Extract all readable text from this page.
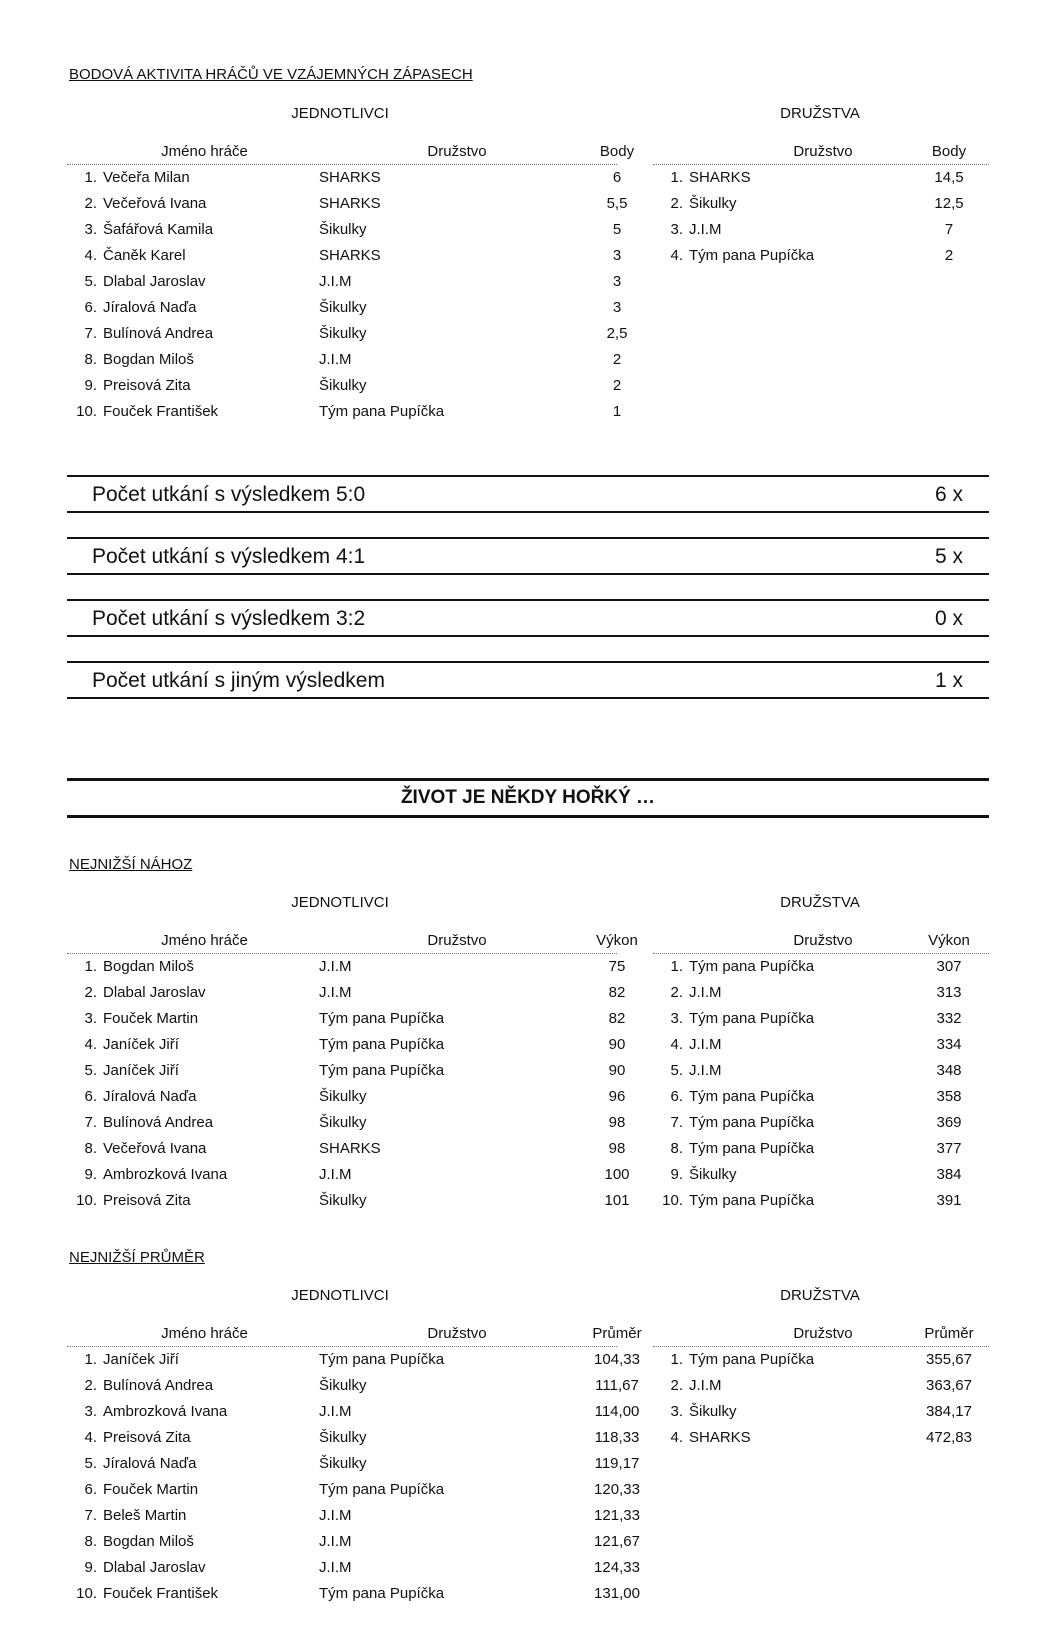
BODOVÁ AKTIVITA HRÁČŮ VE VZÁJEMNÝCH ZÁPASECH
JEDNOTLIVCI
Jméno hráče	Družstvo	Body
1. Večeřa Milan	SHARKS	6
2. Večeřová Ivana	SHARKS	5,5
3. Šafářová Kamila	Šikulky	5
4. Čaněk Karel	SHARKS	3
5. Dlabal Jaroslav	J.I.M	3
6. Jíralová Naďa	Šikulky	3
7. Bulínová Andrea	Šikulky	2,5
8. Bogdan Miloš	J.I.M	2
9. Preisová Zita	Šikulky	2
10. Fouček František	Tým pana Pupíčka	1
DRUŽSTVA
Družstvo	Body
1. SHARKS	14,5
2. Šikulky	12,5
3. J.I.M	7
4. Tým pana Pupíčka	2
Počet utkání s výsledkem 5:0	6 x
Počet utkání s výsledkem 4:1	5 x
Počet utkání s výsledkem 3:2	0 x
Počet utkání s jiným výsledkem	1 x
ŽIVOT JE NĚKDY HOŘKÝ …
NEJNIŽŠÍ NÁHOZ
JEDNOTLIVCI
Jméno hráče	Družstvo	Výkon
1. Bogdan Miloš	J.I.M	75
2. Dlabal Jaroslav	J.I.M	82
3. Fouček Martin	Tým pana Pupíčka	82
4. Janíček Jiří	Tým pana Pupíčka	90
5. Janíček Jiří	Tým pana Pupíčka	90
6. Jíralová Naďa	Šikulky	96
7. Bulínová Andrea	Šikulky	98
8. Večeřová Ivana	SHARKS	98
9. Ambrozková Ivana	J.I.M	100
10. Preisová Zita	Šikulky	101
DRUŽSTVA
Družstvo	Výkon
1. Tým pana Pupíčka	307
2. J.I.M	313
3. Tým pana Pupíčka	332
4. J.I.M	334
5. J.I.M	348
6. Tým pana Pupíčka	358
7. Tým pana Pupíčka	369
8. Tým pana Pupíčka	377
9. Šikulky	384
10. Tým pana Pupíčka	391
NEJNIŽŠÍ PRŮMĚR
JEDNOTLIVCI
Jméno hráče	Družstvo	Průměr
1. Janíček Jiří	Tým pana Pupíčka	104,33
2. Bulínová Andrea	Šikulky	111,67
3. Ambrozková Ivana	J.I.M	114,00
4. Preisová Zita	Šikulky	118,33
5. Jíralová Naďa	Šikulky	119,17
6. Fouček Martin	Tým pana Pupíčka	120,33
7. Beleš Martin	J.I.M	121,33
8. Bogdan Miloš	J.I.M	121,67
9. Dlabal Jaroslav	J.I.M	124,33
10. Fouček František	Tým pana Pupíčka	131,00
DRUŽSTVA
Družstvo	Průměr
1. Tým pana Pupíčka	355,67
2. J.I.M	363,67
3. Šikulky	384,17
4. SHARKS	472,83
